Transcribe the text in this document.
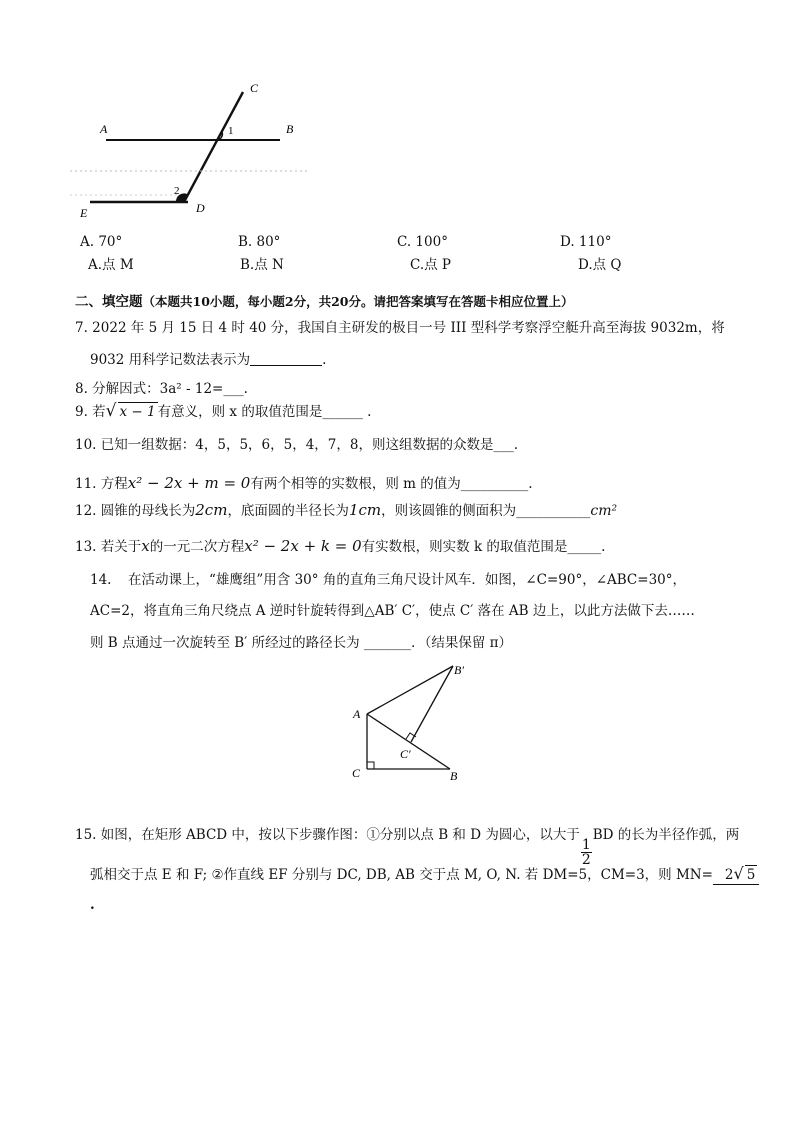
A	B
C
D
E
1
2
A. 70°	B. 80°	C. 100°	D. 110°
A.点 M	B.点 N	C.点 P	D.点 Q
二、填空题（本题共10小题，每小题2分，共20分。请把答案填写在答题卡相应位置上）
7. 2022 年 5 月 15 日 4 时 40 分，我国自主研发的极目一号 III 型科学考察浮空艇升高至海拔 9032m，将
9032 用科学记数法表示为	.
8. 分解因式：3a² - 12=___.
9. 若√ x − 1 有意义，则 x 的取值范围是______ .
10. 已知一组数据：4，5，5，6，5，4，7，8，则这组数据的众数是___.
11. 方程x² − 2x + m = 0有两个相等的实数根，则 m 的值为__________.
12. 圆锥的母线长为2cm，底面圆的半径长为1cm，则该圆锥的侧面积为___________cm²
13. 若关于x的一元二次方程x² − 2x + k = 0有实数根，则实数 k 的取值范围是_____.
14. 在活动课上，“雄鹰组”用含 30° 角的直角三角尺设计风车．如图，∠C=90°，∠ABC=30°，
AC=2，将直角三角尺绕点 A 逆时针旋转得到△AB′ C′，使点 C′ 落在 AB 边上，以此方法做下去……
则 B 点通过一次旋转至 B′ 所经过的路径长为 _______．（结果保留 π）
A
C	B
B′
C′
15. 如图，在矩形 ABCD 中，按以下步骤作图：①分别以点 B 和 D 为圆心，以大于
$\frac{1}{2}$
BD 的长为半径作弧，两
弧相交于点 E 和 F; ②作直线 EF 分别与 DC, DB, AB 交于点 M, O, N. 若 DM=5，CM=3，则 MN= 2√ 5
.
